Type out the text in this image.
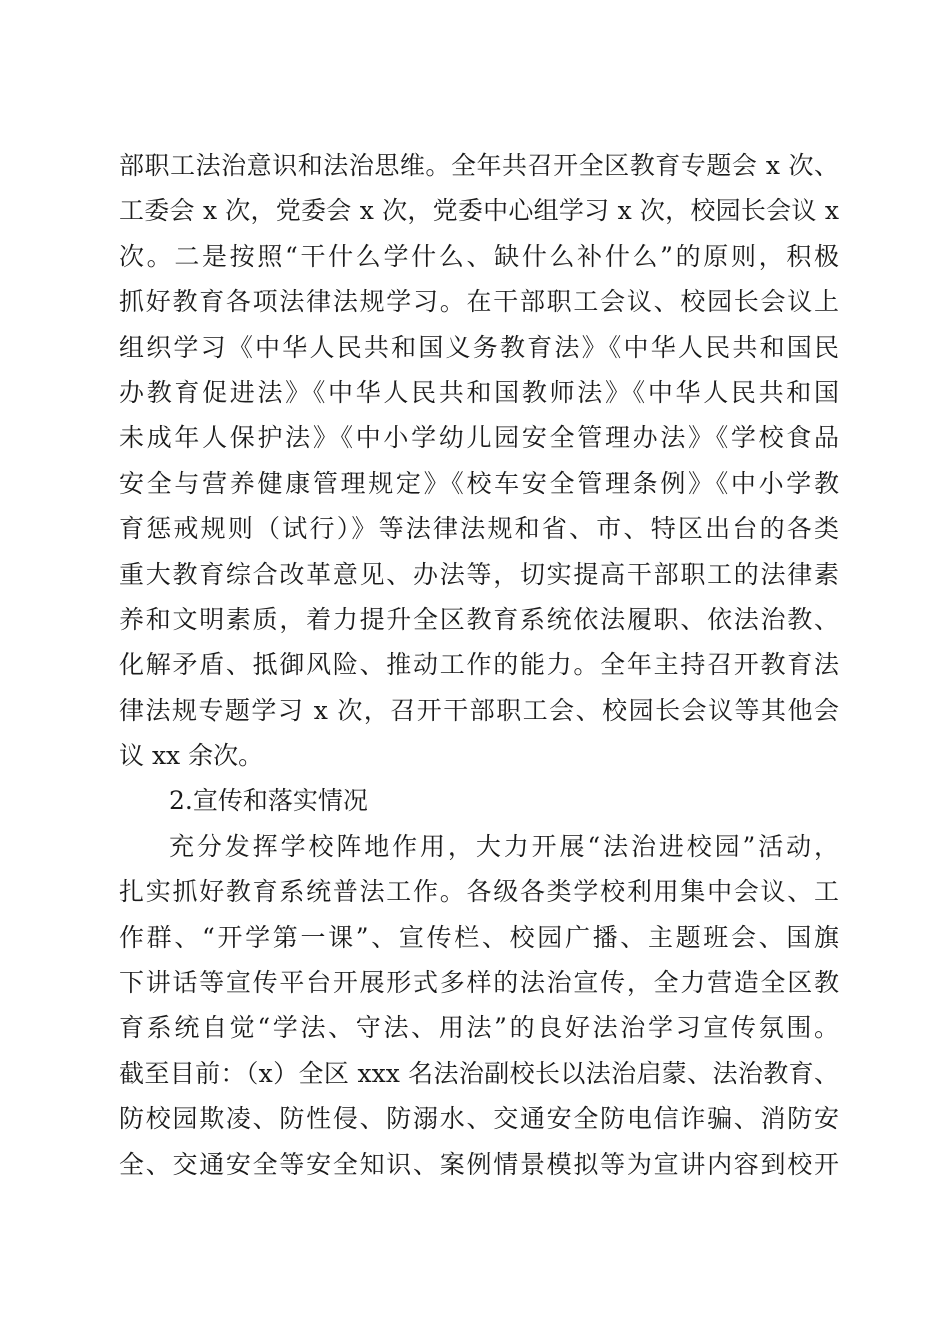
部职工法治意识和法治思维。全年共召开全区教育专题会 x 次、
工委会 x 次，党委会 x 次，党委中心组学习 x 次，校园长会议 x
次。二是按照“干什么学什么、缺什么补什么”的原则，积极
抓好教育各项法律法规学习。在干部职工会议、校园长会议上
组织学习《中华人民共和国义务教育法》《中华人民共和国民
办教育促进法》《中华人民共和国教师法》《中华人民共和国
未成年人保护法》《中小学幼儿园安全管理办法》《学校食品
安全与营养健康管理规定》《校车安全管理条例》《中小学教
育惩戒规则（试行）》等法律法规和省、市、特区出台的各类
重大教育综合改革意见、办法等，切实提高干部职工的法律素
养和文明素质，着力提升全区教育系统依法履职、依法治教、
化解矛盾、抵御风险、推动工作的能力。全年主持召开教育法
律法规专题学习 x 次，召开干部职工会、校园长会议等其他会
议 xx 余次。
2.宣传和落实情况
充分发挥学校阵地作用，大力开展“法治进校园”活动，
扎实抓好教育系统普法工作。各级各类学校利用集中会议、工
作群、“开学第一课”、宣传栏、校园广播、主题班会、国旗
下讲话等宣传平台开展形式多样的法治宣传，全力营造全区教
育系统自觉“学法、守法、用法”的良好法治学习宣传氛围。
截至目前：（x）全区 xxx 名法治副校长以法治启蒙、法治教育、
防校园欺凌、防性侵、防溺水、交通安全防电信诈骗、消防安
全、交通安全等安全知识、案例情景模拟等为宣讲内容到校开
